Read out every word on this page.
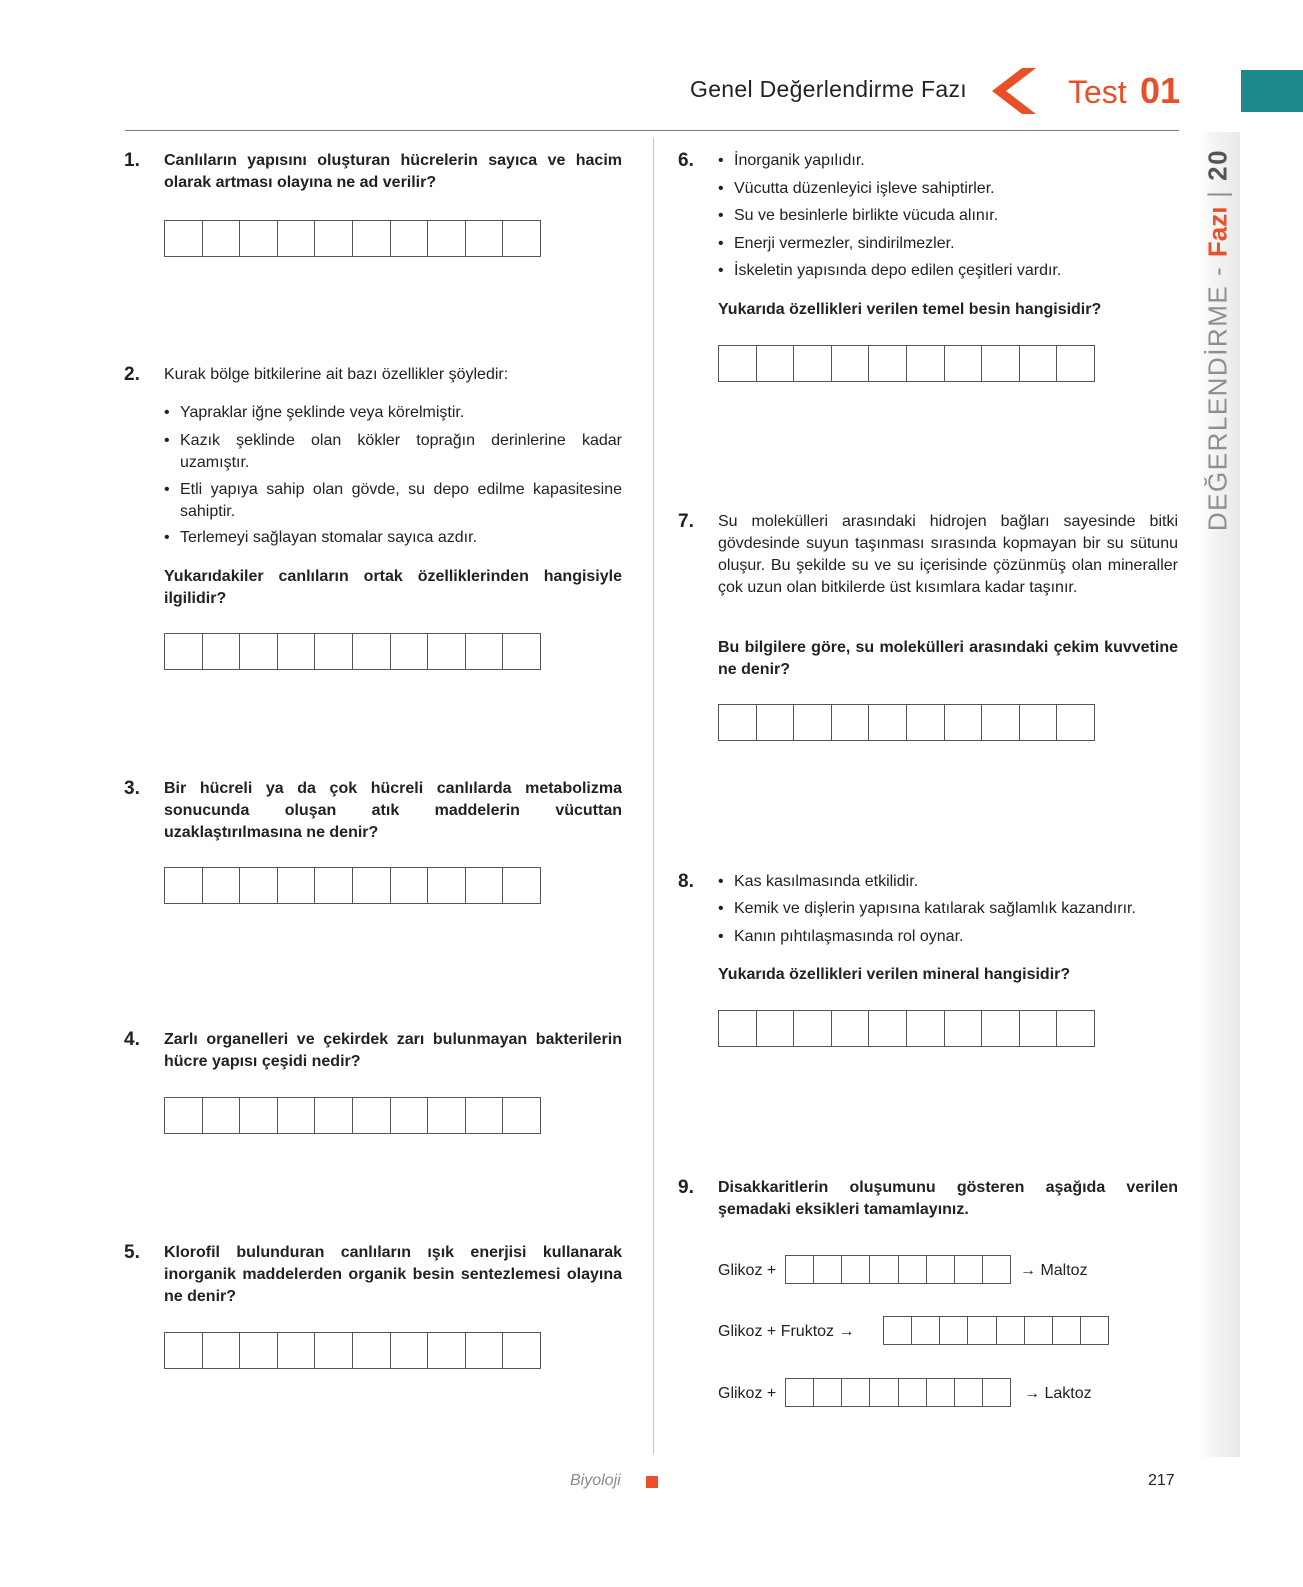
Genel Değerlendirme Fazı	Test 01
DEĞERLENDİRME - Fazı | 20
1. Canlıların yapısını oluşturan hücrelerin sayıca ve hacim olarak artması olayına ne ad verilir?
2. Kurak bölge bitkilerine ait bazı özellikler şöyledir:
• Yapraklar iğne şeklinde veya körelmiştir.
• Kazık şeklinde olan kökler toprağın derinlerine kadar uzamıştır.
• Etli yapıya sahip olan gövde, su depo edilme kapasitesine sahiptir.
• Terlemeyi sağlayan stomalar sayıca azdır.
Yukarıdakiler canlıların ortak özelliklerinden hangisiyle ilgilidir?
3. Bir hücreli ya da çok hücreli canlılarda metabolizma sonucunda oluşan atık maddelerin vücuttan uzaklaştırılmasına ne denir?
4. Zarlı organelleri ve çekirdek zarı bulunmayan bakterilerin hücre yapısı çeşidi nedir?
5. Klorofil bulunduran canlıların ışık enerjisi kullanarak inorganik maddelerden organik besin sentezlemesi olayına ne denir?
6.	• İnorganik yapılıdır.
• Vücutta düzenleyici işleve sahiptirler.
• Su ve besinlerle birlikte vücuda alınır.
• Enerji vermezler, sindirilmezler.
• İskeletin yapısında depo edilen çeşitleri vardır.
Yukarıda özellikleri verilen temel besin hangisidir?
7. Su molekülleri arasındaki hidrojen bağları sayesinde bitki gövdesinde suyun taşınması sırasında kopmayan bir su sütunu oluşur. Bu şekilde su ve su içerisinde çözünmüş olan mineraller çok uzun olan bitkilerde üst kısımlara kadar taşınır.
Bu bilgilere göre, su molekülleri arasındaki çekim kuvvetine ne denir?
8.	• Kas kasılmasında etkilidir.
• Kemik ve dişlerin yapısına katılarak sağlamlık kazandırır.
• Kanın pıhtılaşmasında rol oynar.
Yukarıda özellikleri verilen mineral hangisidir?
9. Disakkaritlerin oluşumunu gösteren aşağıda verilen şemadaki eksikleri tamamlayınız.
Glikoz +	→ Maltoz
Glikoz + Fruktoz →
Glikoz +	→ Laktoz
Biyoloji	217
